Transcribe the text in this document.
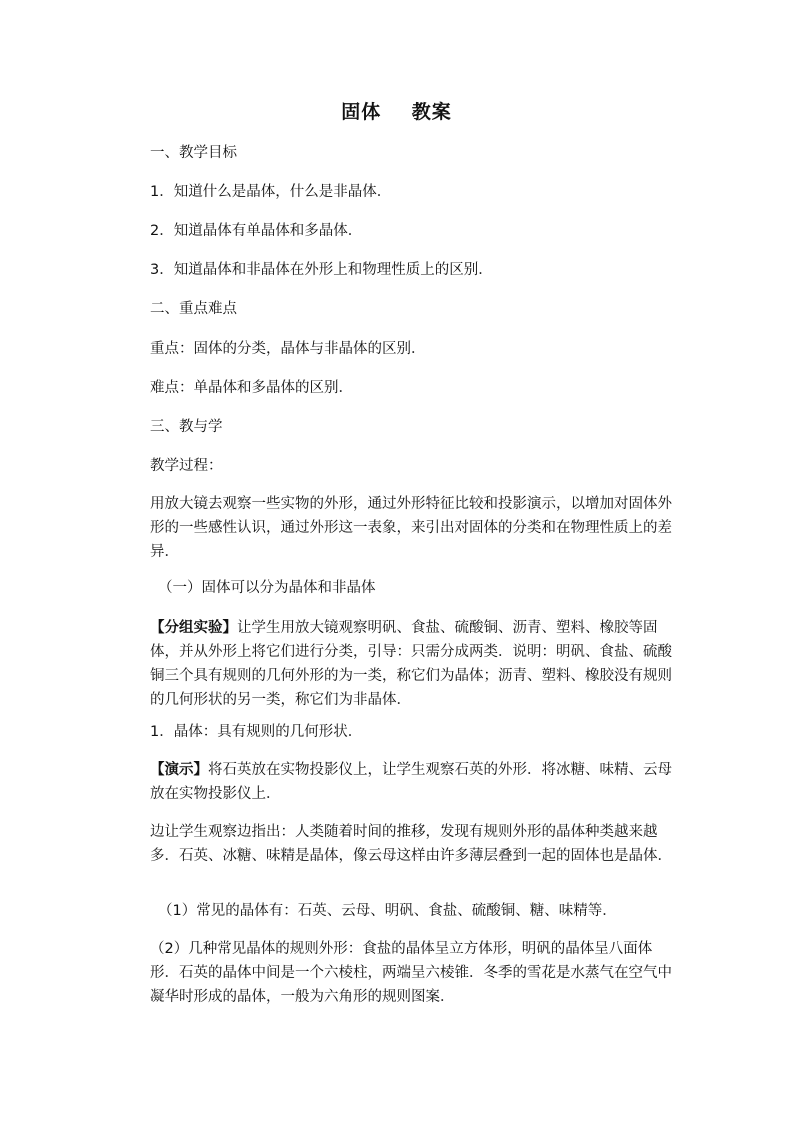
固体    教案
一、教学目标
1．知道什么是晶体，什么是非晶体．
2．知道晶体有单晶体和多晶体．
3．知道晶体和非晶体在外形上和物理性质上的区别．
二、重点难点
重点：固体的分类，晶体与非晶体的区别．
难点：单晶体和多晶体的区别．
三、教与学
教学过程：
用放大镜去观察一些实物的外形，通过外形特征比较和投影演示，以增加对固体外形的一些感性认识，通过外形这一表象，来引出对固体的分类和在物理性质上的差异．
（一）固体可以分为晶体和非晶体
【分组实验】让学生用放大镜观察明矾、食盐、硫酸铜、沥青、塑料、橡胶等固体，并从外形上将它们进行分类，引导：只需分成两类．说明：明矾、食盐、硫酸铜三个具有规则的几何外形的为一类，称它们为晶体；沥青、塑料、橡胶没有规则的几何形状的另一类，称它们为非晶体．
1．晶体：具有规则的几何形状．
【演示】将石英放在实物投影仪上，让学生观察石英的外形．将冰糖、味精、云母放在实物投影仪上．
边让学生观察边指出：人类随着时间的推移，发现有规则外形的晶体种类越来越多．石英、冰糖、味精是晶体，像云母这样由许多薄层叠到一起的固体也是晶体．
（1）常见的晶体有：石英、云母、明矾、食盐、硫酸铜、糖、味精等．
（2）几种常见晶体的规则外形：食盐的晶体呈立方体形，明矾的晶体呈八面体形．石英的晶体中间是一个六棱柱，两端呈六棱锥．冬季的雪花是水蒸气在空气中凝华时形成的晶体，一般为六角形的规则图案．
